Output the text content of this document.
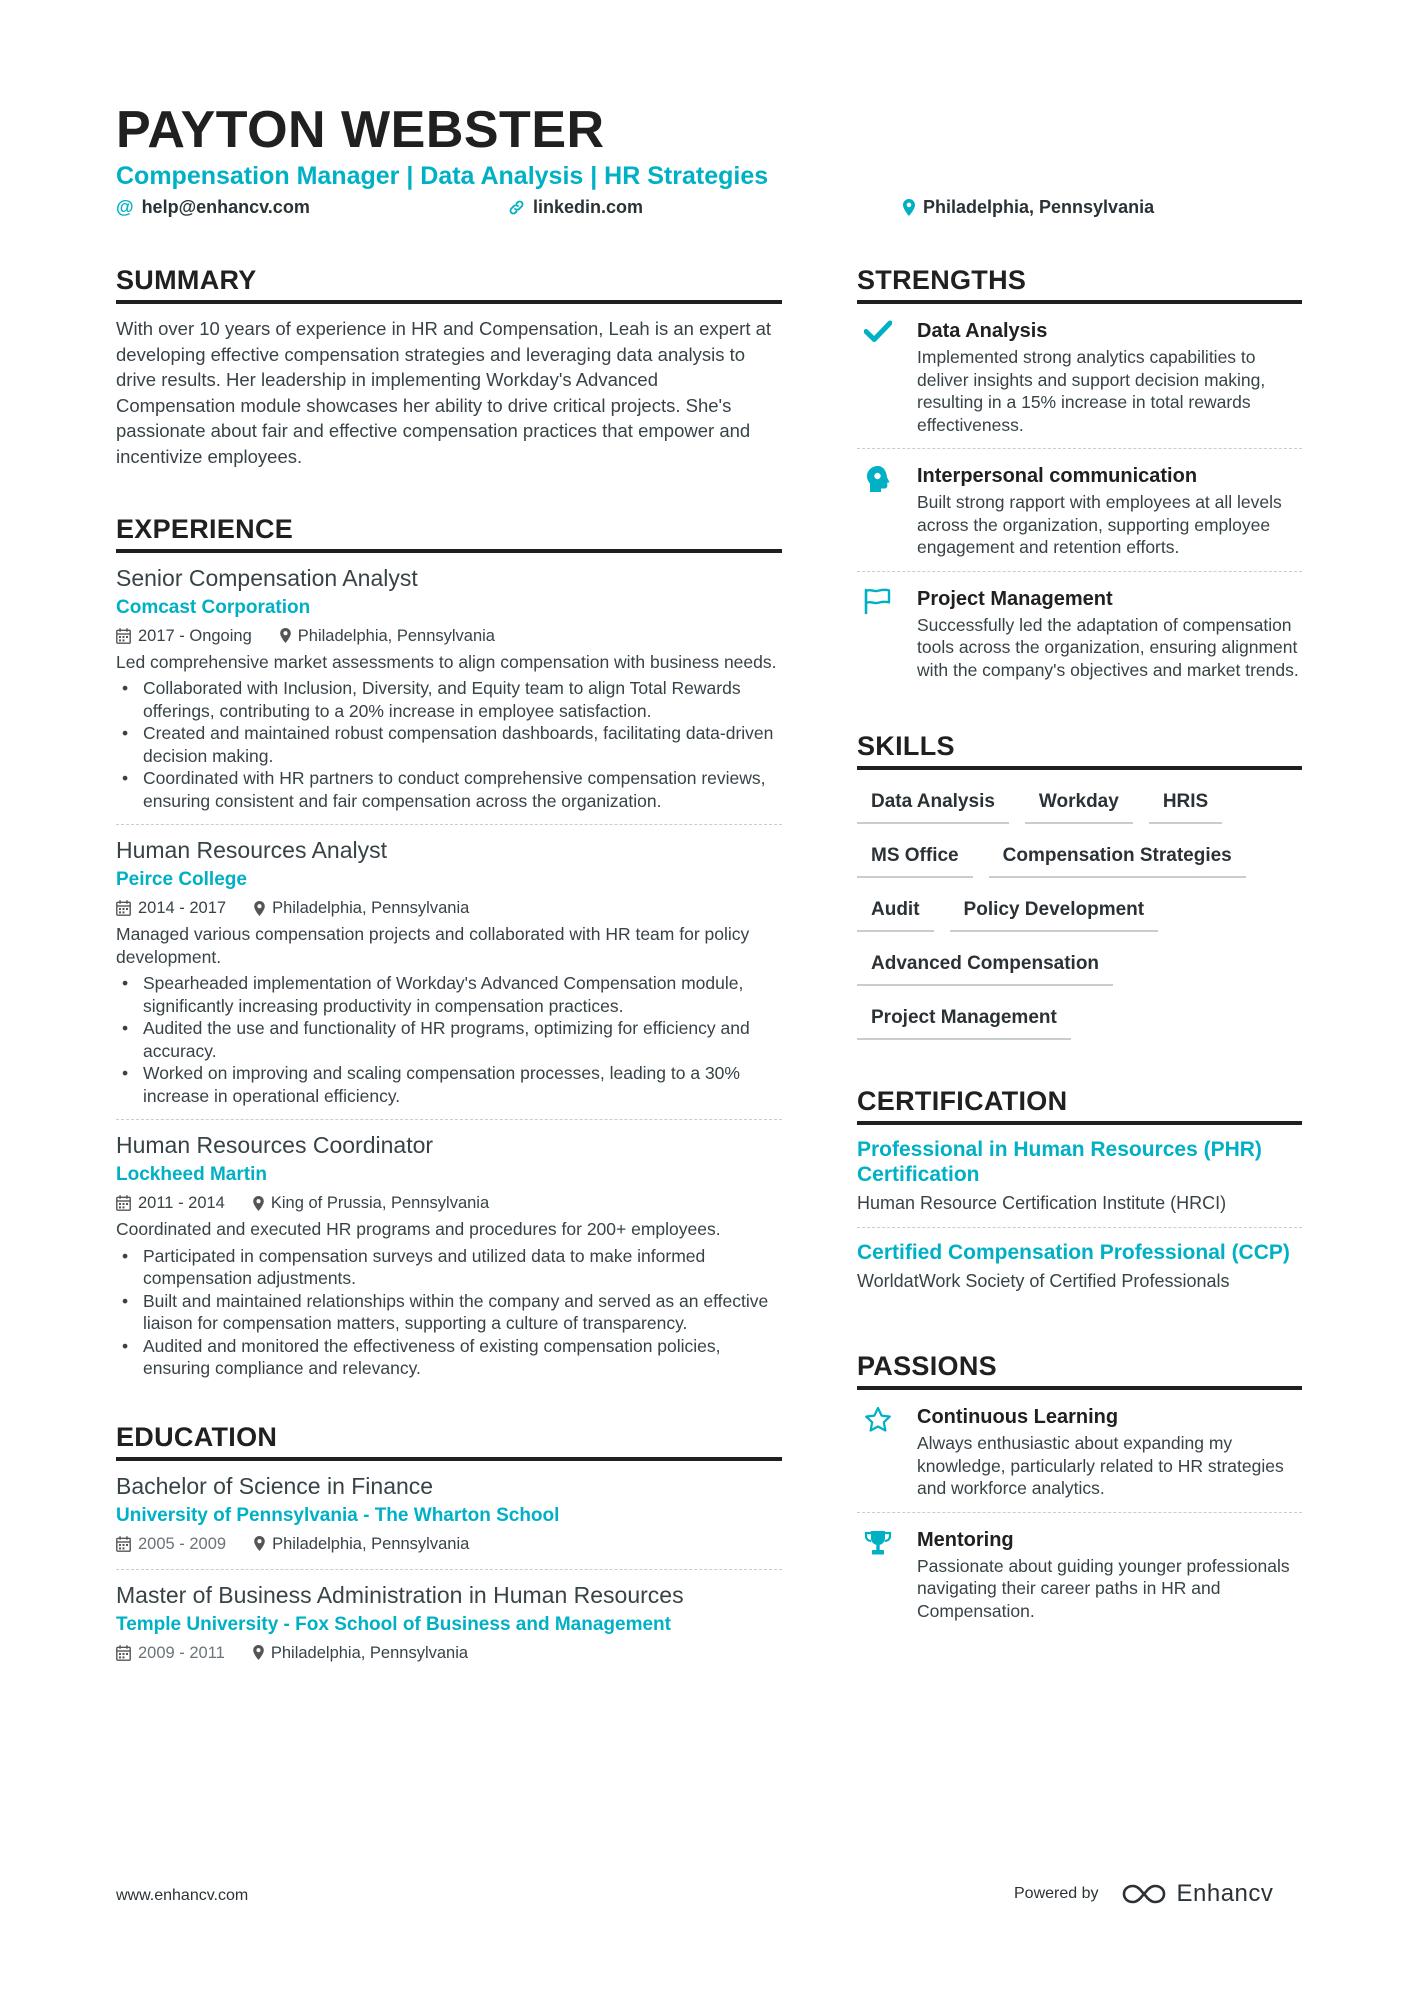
PAYTON WEBSTER
Compensation Manager | Data Analysis | HR Strategies
@ help@enhancv.com	linkedin.com	Philadelphia, Pennsylvania
SUMMARY
With over 10 years of experience in HR and Compensation, Leah is an expert at developing effective compensation strategies and leveraging data analysis to drive results. Her leadership in implementing Workday's Advanced Compensation module showcases her ability to drive critical projects. She's passionate about fair and effective compensation practices that empower and incentivize employees.
EXPERIENCE
Senior Compensation Analyst
Comcast Corporation
2017 - Ongoing	Philadelphia, Pennsylvania
Led comprehensive market assessments to align compensation with business needs.
• Collaborated with Inclusion, Diversity, and Equity team to align Total Rewards offerings, contributing to a 20% increase in employee satisfaction.
• Created and maintained robust compensation dashboards, facilitating data-driven decision making.
• Coordinated with HR partners to conduct comprehensive compensation reviews, ensuring consistent and fair compensation across the organization.
Human Resources Analyst
Peirce College
2014 - 2017	Philadelphia, Pennsylvania
Managed various compensation projects and collaborated with HR team for policy development.
• Spearheaded implementation of Workday's Advanced Compensation module, significantly increasing productivity in compensation practices.
• Audited the use and functionality of HR programs, optimizing for efficiency and accuracy.
• Worked on improving and scaling compensation processes, leading to a 30% increase in operational efficiency.
Human Resources Coordinator
Lockheed Martin
2011 - 2014	King of Prussia, Pennsylvania
Coordinated and executed HR programs and procedures for 200+ employees.
• Participated in compensation surveys and utilized data to make informed compensation adjustments.
• Built and maintained relationships within the company and served as an effective liaison for compensation matters, supporting a culture of transparency.
• Audited and monitored the effectiveness of existing compensation policies, ensuring compliance and relevancy.
EDUCATION
Bachelor of Science in Finance
University of Pennsylvania - The Wharton School
2005 - 2009	Philadelphia, Pennsylvania
Master of Business Administration in Human Resources
Temple University - Fox School of Business and Management
2009 - 2011	Philadelphia, Pennsylvania
STRENGTHS
Data Analysis
Implemented strong analytics capabilities to deliver insights and support decision making, resulting in a 15% increase in total rewards effectiveness.
Interpersonal communication
Built strong rapport with employees at all levels across the organization, supporting employee engagement and retention efforts.
Project Management
Successfully led the adaptation of compensation tools across the organization, ensuring alignment with the company's objectives and market trends.
SKILLS
Data Analysis	Workday	HRIS
MS Office	Compensation Strategies
Audit	Policy Development
Advanced Compensation
Project Management
CERTIFICATION
Professional in Human Resources (PHR) Certification
Human Resource Certification Institute (HRCI)
Certified Compensation Professional (CCP)
WorldatWork Society of Certified Professionals
PASSIONS
Continuous Learning
Always enthusiastic about expanding my knowledge, particularly related to HR strategies and workforce analytics.
Mentoring
Passionate about guiding younger professionals navigating their career paths in HR and Compensation.
www.enhancv.com	Powered by	Enhancv
